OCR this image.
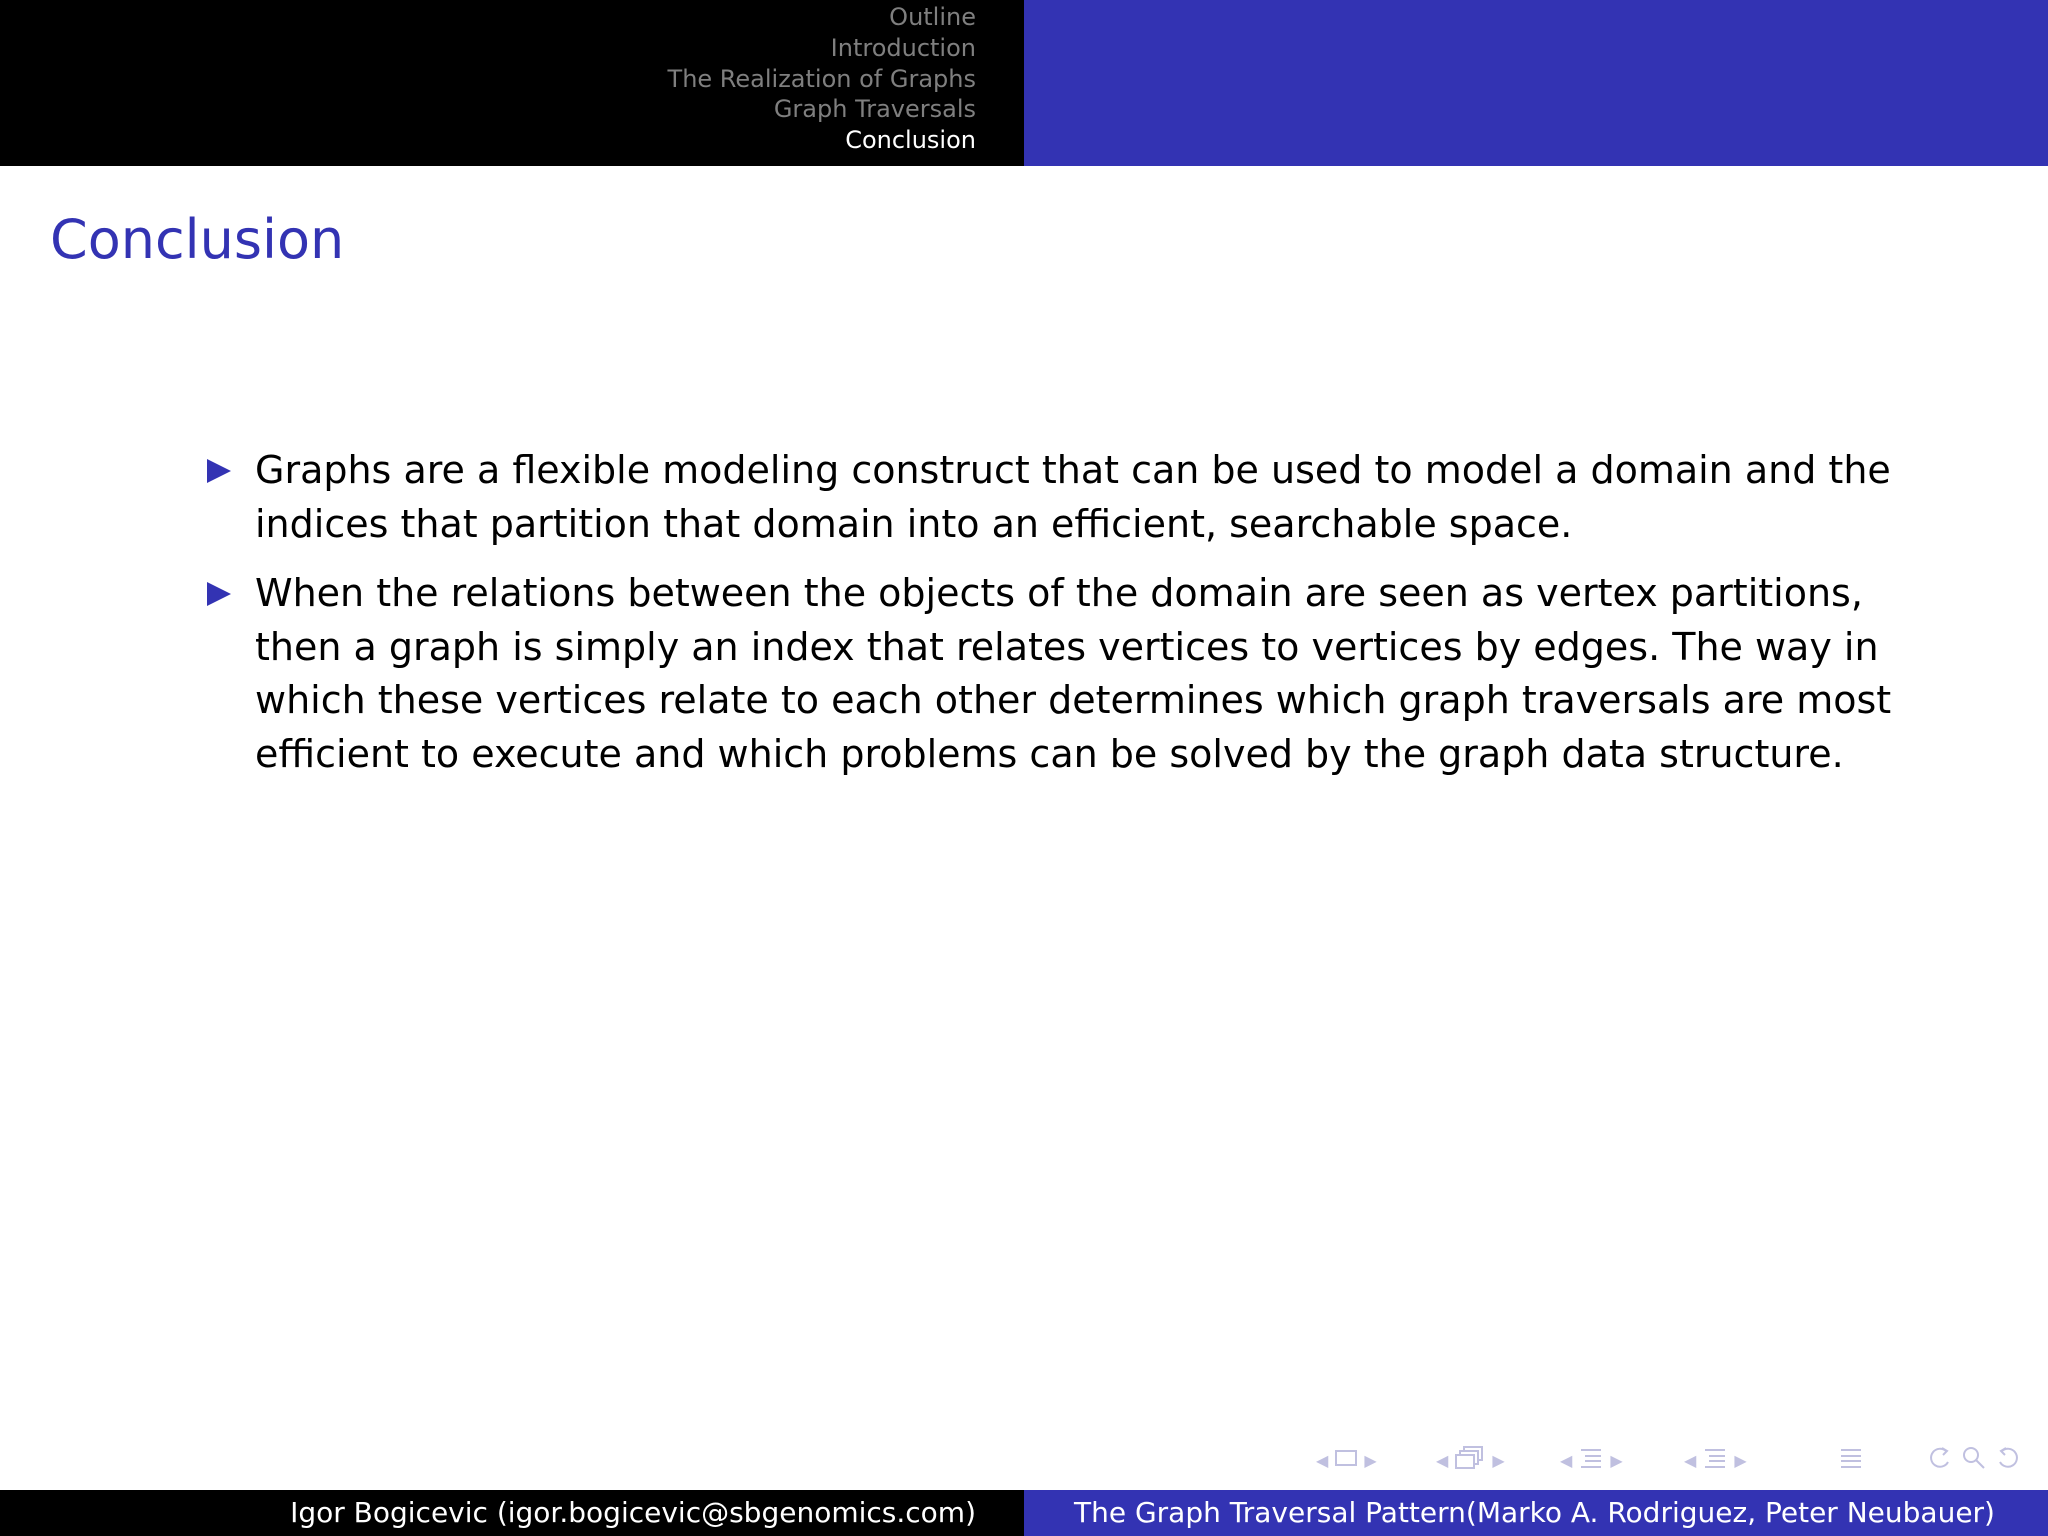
Outline
Introduction
The Realization of Graphs
Graph Traversals
Conclusion
Conclusion
Graphs are a flexible modeling construct that can be used to model a domain and the indices that partition that domain into an efficient, searchable space.
When the relations between the objects of the domain are seen as vertex partitions, then a graph is simply an index that relates vertices to vertices by edges. The way in which these vertices relate to each other determines which graph traversals are most efficient to execute and which problems can be solved by the graph data structure.
◀ ▶	◀	▶	◀ ▶	◀ ▶
Igor Bogicevic (igor.bogicevic@sbgenomics.com)	The Graph Traversal Pattern(Marko A. Rodriguez, Peter Neubauer)
